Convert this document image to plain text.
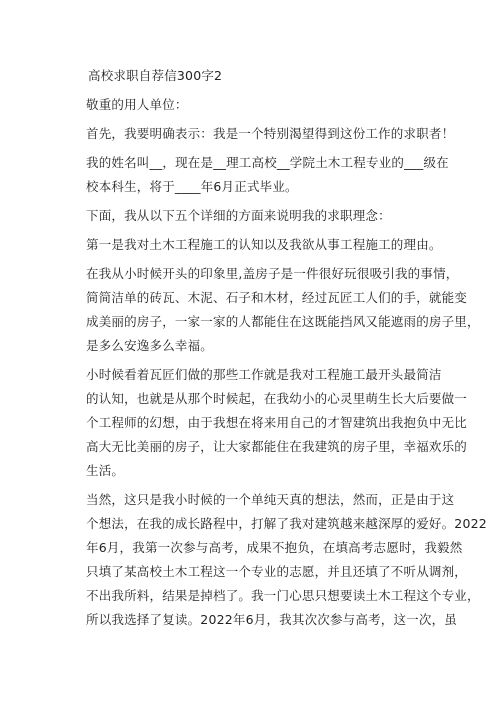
高校求职自荐信300字2
敬重的用人单位：
首先，我要明确表示：我是一个特别渴望得到这份工作的求职者！
我的姓名叫__，现在是__理工高校__学院土木工程专业的___级在
校本科生，将于____年6月正式毕业。
下面，我从以下五个详细的方面来说明我的求职理念：
第一是我对土木工程施工的认知以及我欲从事工程施工的理由。
在我从小时候开头的印象里,盖房子是一件很好玩很吸引我的事情，
简简洁单的砖瓦、木泥、石子和木材，经过瓦匠工人们的手，就能变
成美丽的房子，一家一家的人都能住在这既能挡风又能遮雨的房子里，
是多么安逸多么幸福。
小时候看着瓦匠们做的那些工作就是我对工程施工最开头最简洁
的认知，也就是从那个时候起，在我幼小的心灵里萌生长大后要做一
个工程师的幻想，由于我想在将来用自己的才智建筑出我抱负中无比
高大无比美丽的房子，让大家都能住在我建筑的房子里，幸福欢乐的
生活。
当然，这只是我小时候的一个单纯天真的想法，然而，正是由于这
个想法，在我的成长路程中，打解了我对建筑越来越深厚的爱好。2022
年6月，我第一次参与高考，成果不抱负，在填高考志愿时，我毅然
只填了某高校土木工程这一个专业的志愿，并且还填了不听从调剂，
不出我所料，结果是掉档了。我一门心思只想要读土木工程这个专业，
所以我选择了复读。2022年6月，我其次次参与高考，这一次，虽
